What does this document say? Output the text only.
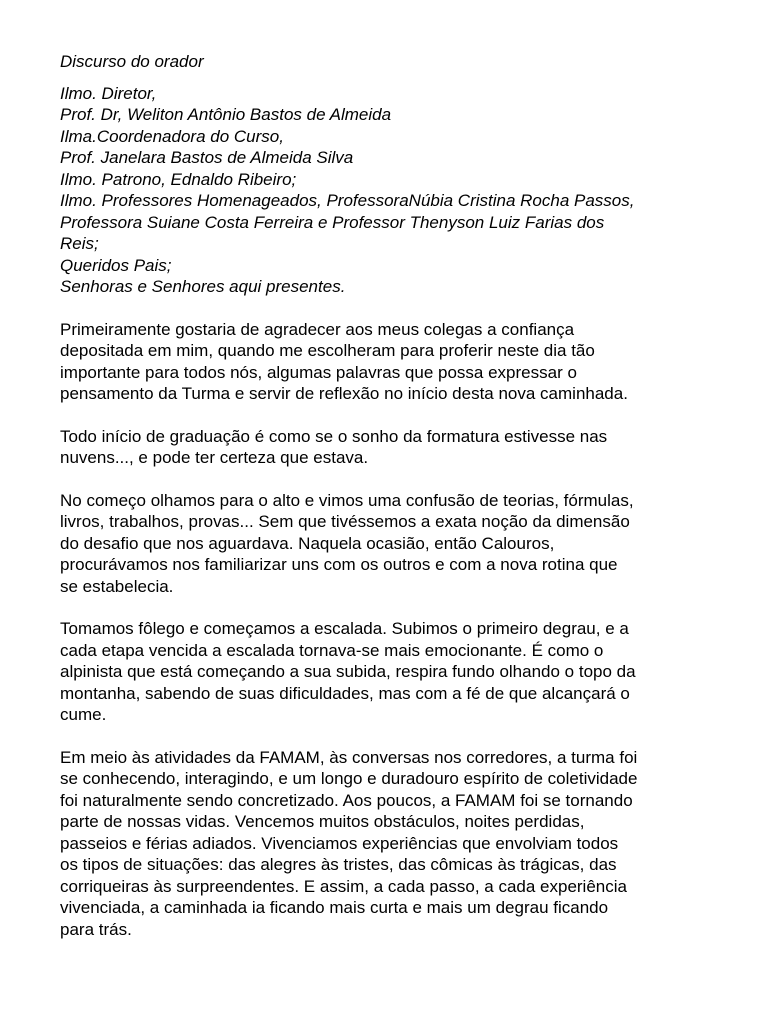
Discurso do orador
Ilmo. Diretor,
Prof. Dr, Weliton Antônio Bastos de Almeida
Ilma.Coordenadora do Curso,
Prof. Janelara Bastos de Almeida Silva
Ilmo. Patrono, Ednaldo Ribeiro;
Ilmo. Professores Homenageados, ProfessoraNúbia Cristina Rocha Passos,
Professora Suiane Costa Ferreira e Professor Thenyson Luiz Farias dos
Reis;
Queridos Pais;
Senhoras e Senhores aqui presentes.
Primeiramente gostaria de agradecer aos meus colegas a confiança
depositada em mim, quando me escolheram para proferir neste dia tão
importante para todos nós, algumas palavras que possa expressar o
pensamento da Turma e servir de reflexão no início desta nova caminhada.
Todo início de graduação é como se o sonho da formatura estivesse nas
nuvens..., e pode ter certeza que estava.
No começo olhamos para o alto e vimos uma confusão de teorias, fórmulas,
livros, trabalhos, provas... Sem que tivéssemos a exata noção da dimensão
do desafio que nos aguardava. Naquela ocasião, então Calouros,
procurávamos nos familiarizar uns com os outros e com a nova rotina que
se estabelecia.
Tomamos fôlego e começamos a escalada. Subimos o primeiro degrau, e a
cada etapa vencida a escalada tornava-se mais emocionante. É como o
alpinista que está começando a sua subida, respira fundo olhando o topo da
montanha, sabendo de suas dificuldades, mas com a fé de que alcançará o
cume.
Em meio às atividades da FAMAM, às conversas nos corredores, a turma foi
se conhecendo, interagindo, e um longo e duradouro espírito de coletividade
foi naturalmente sendo concretizado. Aos poucos, a FAMAM foi se tornando
parte de nossas vidas. Vencemos muitos obstáculos, noites perdidas,
passeios e férias adiados. Vivenciamos experiências que envolviam todos
os tipos de situações: das alegres às tristes, das cômicas às trágicas, das
corriqueiras às surpreendentes. E assim, a cada passo, a cada experiência
vivenciada, a caminhada ia ficando mais curta e mais um degrau ficando
para trás.
